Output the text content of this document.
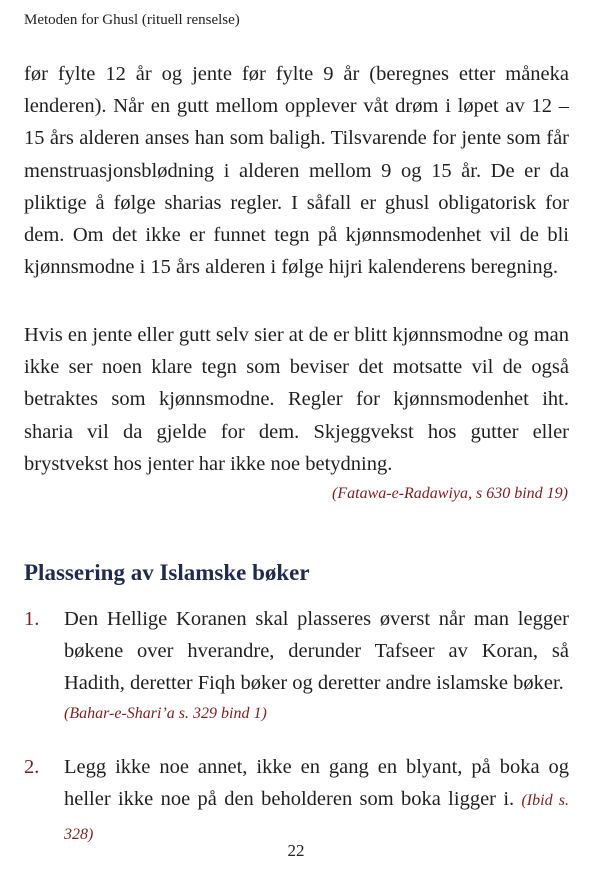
Metoden for Ghusl (rituell renselse)

før fylte 12 år og jente før fylte 9 år (beregnes etter måneka lenderen). Når en gutt mellom opplever våt drøm i løpet av 12 – 15 års alderen anses han som baligh. Tilsvarende for jente som får menstruasjonsblødning i alderen mellom 9 og 15 år. De er da pliktige å følge sharias regler. I såfall er ghusl obligatorisk for dem. Om det ikke er funnet tegn på kjønnsmodenhet vil de bli kjønnsmodne i 15 års alderen i følge hijri kalenderens beregning.

Hvis en jente eller gutt selv sier at de er blitt kjønnsmodne og man ikke ser noen klare tegn som beviser det motsatte vil de også betraktes som kjønnsmodne. Regler for kjønnsmodenhet iht. sharia vil da gjelde for dem. Skjeggvekst hos gutter eller brystvekst hos jenter har ikke noe betydning.

(Fatawa-e-Radawiya, s 630 bind 19)
Plassering av Islamske bøker
1.	Den Hellige Koranen skal plasseres øverst når man legger bøkene over hverandre, derunder Tafseer av Koran, så Hadith, deretter Fiqh bøker og deretter andre islamske bøker.
(Bahar-e-Shari’a s. 329 bind 1)
2.	Legg ikke noe annet, ikke en gang en blyant, på boka og heller ikke noe på den beholderen som boka ligger i. (Ibid s. 328)
22
